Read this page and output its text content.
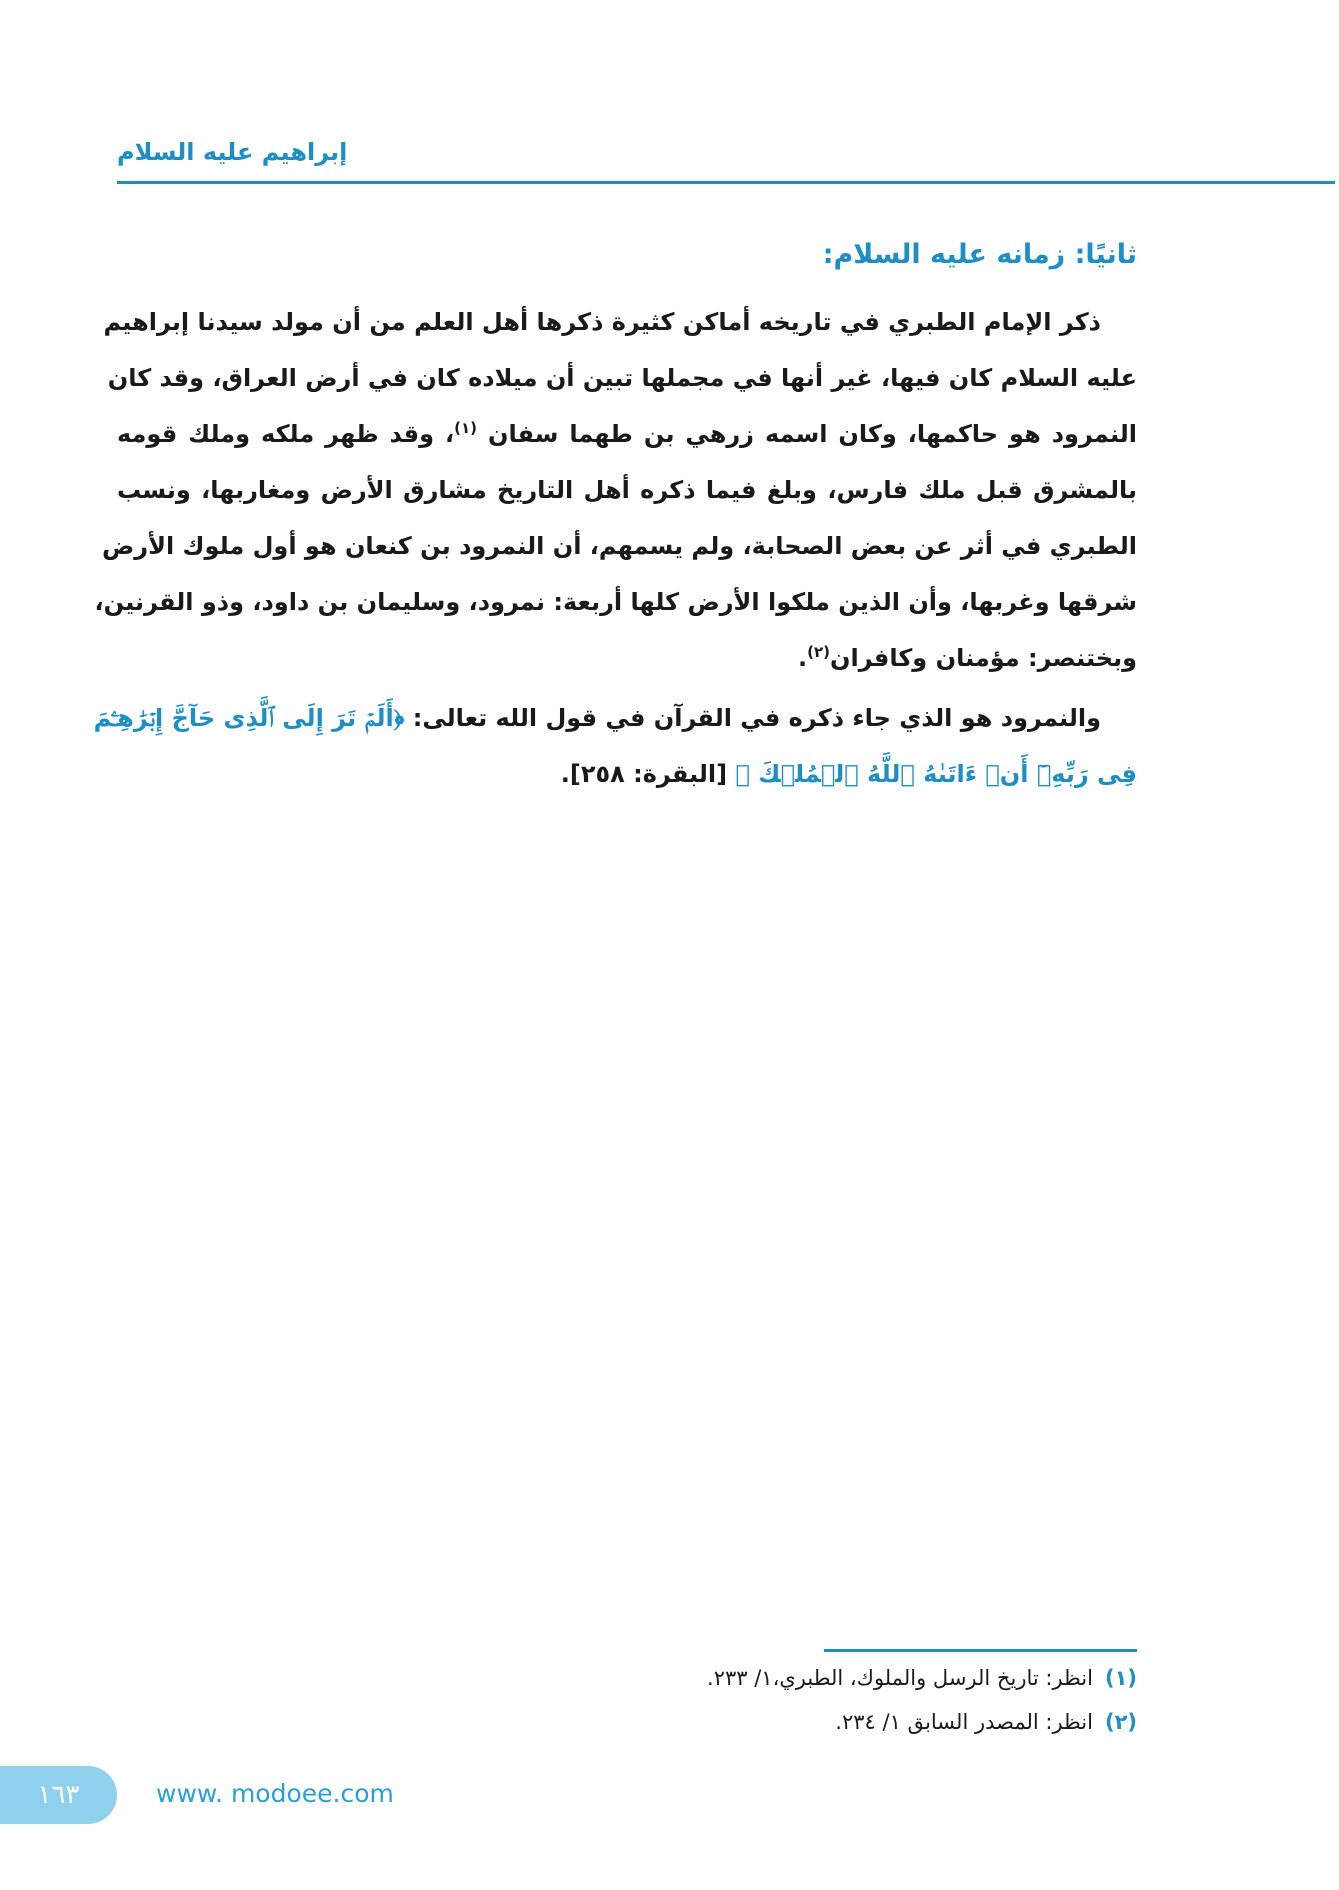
إبراهيم عليه السلام
ثانيًا: زمانه عليه السلام:
ذكر الإمام الطبري في تاريخه أماكن كثيرة ذكرها أهل العلم من أن مولد سيدنا إبراهيم
عليه السلام كان فيها، غير أنها في مجملها تبين أن ميلاده كان في أرض العراق، وقد كان
النمرود هو حاكمها، وكان اسمه زرهي بن طهما سفان $^{(١)}$، وقد ظهر ملكه وملك قومه
بالمشرق قبل ملك فارس، وبلغ فيما ذكره أهل التاريخ مشارق الأرض ومغاربها، ونسب
الطبري في أثر عن بعض الصحابة، ولم يسمهم، أن النمرود بن كنعان هو أول ملوك الأرض
شرقها وغربها، وأن الذين ملكوا الأرض كلها أربعة: نمرود، وسليمان بن داود، وذو القرنين،
وبختنصر: مؤمنان وكافران$^{(٢)}$.
والنمرود هو الذي جاء ذكره في القرآن في قول الله تعالى: ﴿أَلَمۡ تَرَ إِلَى ٱلَّذِى حَآجَّ إِبۡرَٰهِـۧمَ
فِى رَبِّهِۦٓ أَنۡ ءَاتَىٰهُ ٱللَّهُ ٱلۡمُلۡكَ ﴾ [البقرة: ٢٥٨].
(١)انظر: تاريخ الرسل والملوك، الطبري،١/ ٢٣٣.
(٢)انظر: المصدر السابق ١/ ٢٣٤.
١٦٣	www. modoee.com
